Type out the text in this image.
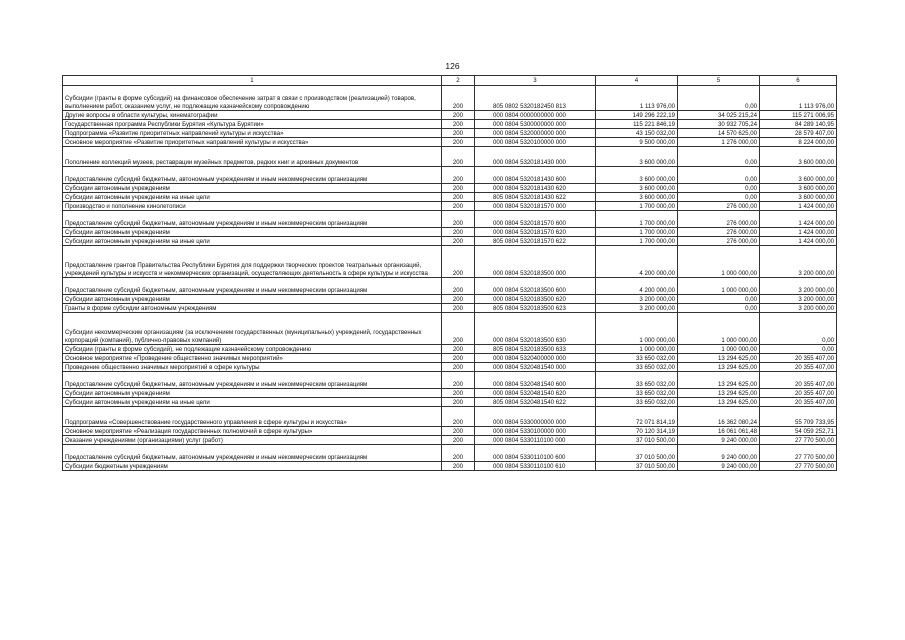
126
1	2	3	4	5	6
Субсидии (гранты в форме субсидий) на финансовое обеспечение затрат в связи с производством (реализацией) товаров, выполнением работ, оказанием услуг, не подлежащие казначейскому сопровождению	200	805 0802 5320182450 813	1 113 976,00	0,00	1 113 976,00
Другие вопросы в области культуры, кинематографии	200	000 0804 0000000000 000	149 296 222,19	34 025 215,24	115 271 006,95
Государственная программа Республики Бурятия «Культура Бурятии»	200	000 0804 5300000000 000	115 221 846,19	30 932 705,24	84 289 140,95
Подпрограмма «Развитие приоритетных направлений культуры и искусства»	200	000 0804 5320000000 000	43 150 032,00	14 570 625,00	28 579 407,00
Основное мероприятие «Развитие приоритетных направлений культуры и искусства»	200	000 0804 5320100000 000	9 500 000,00	1 276 000,00	8 224 000,00
Пополнение коллекций музеев, реставрации музейных предметов, редких книг и архивных документов	200	000 0804 5320181430 000	3 600 000,00	0,00	3 600 000,00
Предоставление субсидий бюджетным, автономным учреждениям и иным некоммерческим организациям	200	000 0804 5320181430 600	3 600 000,00	0,00	3 600 000,00
Субсидии автономным учреждениям	200	000 0804 5320181430 620	3 600 000,00	0,00	3 600 000,00
Субсидии автономным учреждениям на иные цели	200	805 0804 5320181430 622	3 600 000,00	0,00	3 600 000,00
Производство и пополнение кинолетописи	200	000 0804 5320181570 000	1 700 000,00	276 000,00	1 424 000,00
Предоставление субсидий бюджетным, автономным учреждениям и иным некоммерческим организациям	200	000 0804 5320181570 600	1 700 000,00	276 000,00	1 424 000,00
Субсидии автономным учреждениям	200	000 0804 5320181570 620	1 700 000,00	276 000,00	1 424 000,00
Субсидии автономным учреждениям на иные цели	200	805 0804 5320181570 622	1 700 000,00	276 000,00	1 424 000,00
Предоставление грантов Правительства Республики Бурятия для поддержки творческих проектов театральных организаций, учреждений культуры и искусств и некоммерческих организаций, осуществляющих деятельность в сфере культуры и искусства	200	000 0804 5320183500 000	4 200 000,00	1 000 000,00	3 200 000,00
Предоставление субсидий бюджетным, автономным учреждениям и иным некоммерческим организациям	200	000 0804 5320183500 600	4 200 000,00	1 000 000,00	3 200 000,00
Субсидии автономным учреждениям	200	000 0804 5320183500 620	3 200 000,00	0,00	3 200 000,00
Гранты в форме субсидии автономным учреждениям	200	805 0804 5320183500 623	3 200 000,00	0,00	3 200 000,00
Субсидии некоммерческим организациям (за исключением государственных (муниципальных) учреждений, государственных корпораций (компаний), публично-правовых компаний)	200	000 0804 5320183500 630	1 000 000,00	1 000 000,00	0,00
Субсидии (гранты в форме субсидий), не подлежащие казначейскому сопровождению	200	805 0804 5320183500 633	1 000 000,00	1 000 000,00	0,00
Основное мероприятие «Проведение общественно значимых мероприятий»	200	000 0804 5320400000 000	33 650 032,00	13 294 625,00	20 355 407,00
Проведение общественно значимых мероприятий в сфере культуры	200	000 0804 5320481540 000	33 650 032,00	13 294 625,00	20 355 407,00
Предоставление субсидий бюджетным, автономным учреждениям и иным некоммерческим организациям	200	000 0804 5320481540 600	33 650 032,00	13 294 625,00	20 355 407,00
Субсидии автономным учреждениям	200	000 0804 5320481540 620	33 650 032,00	13 294 625,00	20 355 407,00
Субсидии автономным учреждениям на иные цели	200	805 0804 5320481540 622	33 650 032,00	13 294 625,00	20 355 407,00
Подпрограмма «Совершенствование государственного управления в сфере культуры и искусства»	200	000 0804 5330000000 000	72 071 814,19	16 362 080,24	55 709 733,95
Основное мероприятие «Реализация государственных полномочий в сфере культуры»	200	000 0804 5330100000 000	70 120 314,19	16 061 061,48	54 059 252,71
Оказание учреждениями (организациями) услуг (работ)	200	000 0804 5330110100 000	37 010 500,00	9 240 000,00	27 770 500,00
Предоставление субсидий бюджетным, автономным учреждениям и иным некоммерческим организациям	200	000 0804 5330110100 600	37 010 500,00	9 240 000,00	27 770 500,00
Субсидии бюджетным учреждениям	200	000 0804 5330110100 610	37 010 500,00	9 240 000,00	27 770 500,00
